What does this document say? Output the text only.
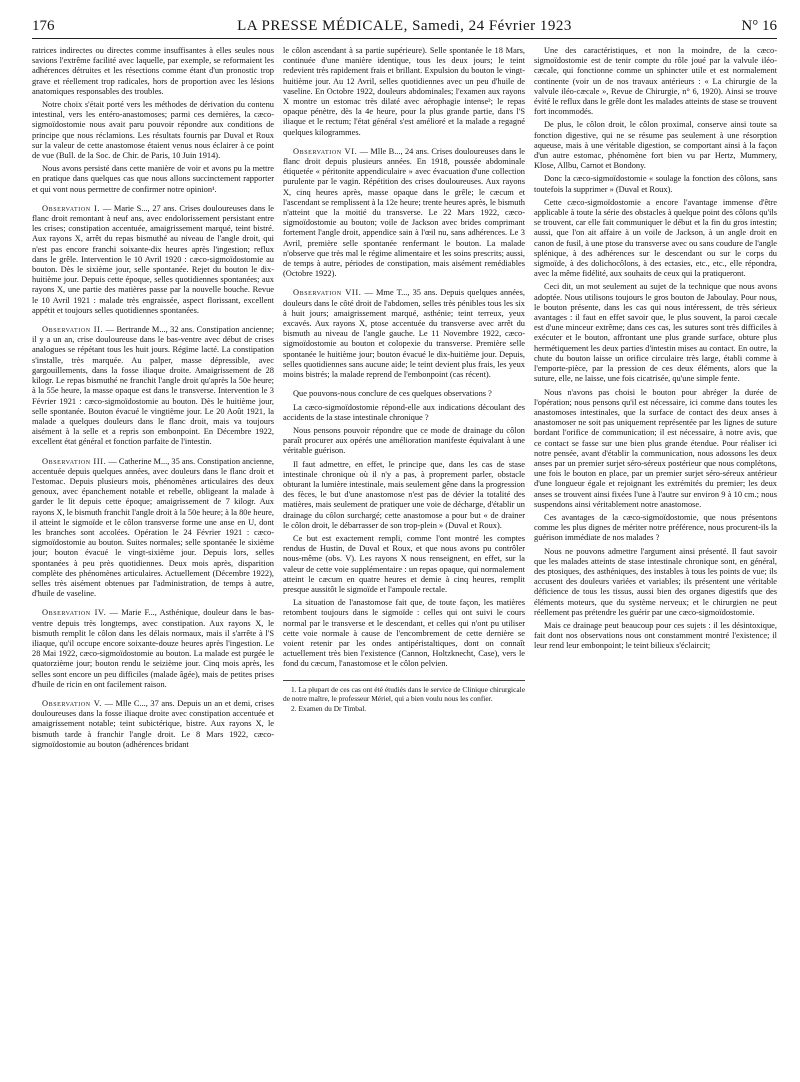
176	LA PRESSE MÉDICALE, Samedi, 24 Février 1923	N° 16

ratrices indirectes ou directes comme insuffisantes à elles seules nous savions l'extrême facilité avec laquelle, par exemple, se reformaient les adhérences détruites et les résections comme étant d'un pronostic trop grave et réellement trop radicales, hors de proportion avec les lésions anatomiques responsables des troubles.

Notre choix s'était porté vers les méthodes de dérivation du contenu intestinal, vers les entéro-anastomoses; parmi ces dernières, la cæco-sigmoïdostomie nous avait paru pouvoir répondre aux conditions de principe que nous réclamions. Les résultats fournis par Duval et Roux sur la valeur de cette anastomose étaient venus nous éclairer à ce point de vue (Bull. de la Soc. de Chir. de Paris, 10 Juin 1914).

Nous avons persisté dans cette manière de voir et avons pu la mettre en pratique dans quelques cas que nous allons succinctement rapporter et qui vont nous permettre de confirmer notre opinion¹.

Observation I. — Marie S..., 27 ans. Crises douloureuses dans le flanc droit remontant à neuf ans, avec endolorissement persistant entre les crises; constipation accentuée, amaigrissement marqué, teint bistré. Aux rayons X, arrêt du repas bismuthé au niveau de l'angle droit, qui n'est pas encore franchi soixante-dix heures après l'ingestion; reflux dans le grêle. Intervention le 10 Avril 1920 : cæco-sigmoïdostomie au bouton. Dès le sixième jour, selle spontanée. Rejet du bouton le dix-huitième jour. Depuis cette époque, selles quotidiennes spontanées; aux rayons X, une partie des matières passe par la nouvelle bouche. Revue le 10 Avril 1921 : malade très engraissée, aspect florissant, excellent appétit et toujours selles quotidiennes spontanées.

Observation II. — Bertrande M..., 32 ans. Constipation ancienne; il y a un an, crise douloureuse dans le bas-ventre avec début de crises analogues se répétant tous les huit jours. Régime lacté. La constipation s'installe, très marquée. Au palper, masse dépressible, avec gargouillements, dans la fosse iliaque droite. Amaigrissement de 28 kilogr. Le repas bismuthé ne franchit l'angle droit qu'après la 50e heure; à la 55e heure, la masse opaque est dans le transverse. Intervention le 3 Février 1921 : cæco-sigmoïdostomie au bouton. Dès le huitième jour, selle spontanée. Bouton évacué le vingtième jour. Le 20 Août 1921, la malade a quelques douleurs dans le flanc droit, mais va toujours aisément à la selle et a repris son embonpoint. En Décembre 1922, excellent état général et fonction parfaite de l'intestin.

Observation III. — Catherine M..., 35 ans. Constipation ancienne, accentuée depuis quelques années, avec douleurs dans le flanc droit et l'estomac. Depuis plusieurs mois, phénomènes articulaires des deux genoux, avec épanchement notable et rebelle, obligeant la malade à garder le lit depuis cette époque; amaigrissement de 7 kilogr. Aux rayons X, le bismuth franchit l'angle droit à la 50e heure; à la 80e heure, il atteint le sigmoïde et le côlon transverse forme une anse en U, dont les branches sont accolées. Opération le 24 Février 1921 : cæco-sigmoïdostomie au bouton. Suites normales; selle spontanée le sixième jour; bouton évacué le vingt-sixième jour. Depuis lors, selles spontanées à peu près quotidiennes. Deux mois après, disparition complète des phénomènes articulaires. Actuellement (Décembre 1922), selles très aisément obtenues par l'administration, de temps à autre, d'huile de vaseline.

Observation IV. — Marie F..., Asthénique, douleur dans le bas-ventre depuis très longtemps, avec constipation. Aux rayons X, le bismuth remplit le côlon dans les délais normaux, mais il s'arrête à l'S iliaque, qu'il occupe encore soixante-douze heures après l'ingestion. Le 28 Mai 1922, cæco-sigmoïdostomie au bouton. La malade est purgée le quatorzième jour; bouton rendu le seizième jour. Cinq mois après, les selles sont encore un peu difficiles (malade âgée), mais de petites prises d'huile de ricin en ont facilement raison.

Observation V. — Mlle C..., 37 ans. Depuis un an et demi, crises douloureuses dans la fosse iliaque droite avec constipation accentuée et amaigrissement notable; teint subictérique, bistre. Aux rayons X, le bismuth tarde à franchir l'angle droit. Le 8 Mars 1922, cæco-sigmoïdostomie au bouton (adhérences bridant

le côlon ascendant à sa partie supérieure). Selle spontanée le 18 Mars, continuée d'une manière identique, tous les deux jours; le teint redevient très rapidement frais et brillant. Expulsion du bouton le vingt-huitième jour. Au 12 Avril, selles quotidiennes avec un peu d'huile de vaseline. En Octobre 1922, douleurs abdominales; l'examen aux rayons X montre un estomac très dilaté avec aérophagie intense²; le repas opaque pénètre, dès la 4e heure, pour la plus grande partie, dans l'S iliaque et le rectum; l'état général s'est amélioré et la malade a regagné quelques kilogrammes.

Observation VI. — Mlle B..., 24 ans. Crises douloureuses dans le flanc droit depuis plusieurs années. En 1918, poussée abdominale étiquetée « péritonite appendiculaire » avec évacuation d'une collection purulente par le vagin. Répétition des crises douloureuses. Aux rayons X, cinq heures après, masse opaque dans le grêle; le cæcum et l'ascendant se remplissent à la 12e heure; trente heures après, le bismuth n'atteint que la moitié du transverse. Le 22 Mars 1922, cæco-sigmoïdostomie au bouton; voile de Jackson avec brides comprimant fortement l'angle droit, appendice sain à l'œil nu, sans adhérences. Le 3 Avril, première selle spontanée renfermant le bouton. La malade n'observe que très mal le régime alimentaire et les soins prescrits; aussi, de temps à autre, périodes de constipation, mais aisément remédiables (Octobre 1922).

Observation VII. — Mme T..., 35 ans. Depuis quelques années, douleurs dans le côté droit de l'abdomen, selles très pénibles tous les six à huit jours; amaigrissement marqué, asthénie; teint terreux, yeux excavés. Aux rayons X, ptose accentuée du transverse avec arrêt du bismuth au niveau de l'angle gauche. Le 11 Novembre 1922, cæco-sigmoïdostomie au bouton et colopexie du transverse. Première selle spontanée le huitième jour; bouton évacué le dix-huitième jour. Depuis, selles quotidiennes sans aucune aide; le teint devient plus frais, les yeux moins bistrés; la malade reprend de l'embonpoint (cas récent).

Que pouvons-nous conclure de ces quelques observations ?

La cæco-sigmoïdostomie répond-elle aux indications découlant des accidents de la stase intestinale chronique ?

Nous pensons pouvoir répondre que ce mode de drainage du côlon paraît procurer aux opérés une amélioration manifeste équivalant à une véritable guérison.

Il faut admettre, en effet, le principe que, dans les cas de stase intestinale chronique où il n'y a pas, à proprement parler, obstacle obturant la lumière intestinale, mais seulement gêne dans la progression des fèces, le but d'une anastomose n'est pas de dévier la totalité des matières, mais seulement de pratiquer une voie de décharge, d'établir un drainage du côlon surchargé; cette anastomose a pour but « de drainer le côlon droit, le débarrasser de son trop-plein » (Duval et Roux).

Ce but est exactement rempli, comme l'ont montré les comptes rendus de Hustin, de Duval et Roux, et que nous avons pu contrôler nous-même (obs. V). Les rayons X nous renseignent, en effet, sur la valeur de cette voie supplémentaire : un repas opaque, qui normalement atteint le cæcum en quatre heures et demie à cinq heures, remplit presque aussitôt le sigmoïde et l'ampoule rectale.

La situation de l'anastomose fait que, de toute façon, les matières retombent toujours dans le sigmoïde : celles qui ont suivi le cours normal par le transverse et le descendant, et celles qui n'ont pu utiliser cette voie normale à cause de l'encombrement de cette dernière se voient retenir par les ondes antipéristaltiques, dont on connaît actuellement très bien l'existence (Cannon, Holtzknecht, Case), vers le fond du cæcum, l'anastomose et le côlon pelvien.

1. La plupart de ces cas ont été étudiés dans le service de Clinique chirurgicale de notre maître, le professeur Mériel, qui a bien voulu nous les confier.

2. Examen du Dr Timbal.

Une des caractéristiques, et non la moindre, de la cæco-sigmoïdostomie est de tenir compte du rôle joué par la valvule iléo-cæcale, qui fonctionne comme un sphincter utile et est normalement continente (voir un de nos travaux antérieurs : « La chirurgie de la valvule iléo-cæcale », Revue de Chirurgie, n° 6, 1920). Ainsi se trouve évité le reflux dans le grêle dont les malades atteints de stase se trouvent fort incommodés.

De plus, le côlon droit, le côlon proximal, conserve ainsi toute sa fonction digestive, qui ne se résume pas seulement à une résorption aqueuse, mais à une véritable digestion, se comportant ainsi à la façon d'un autre estomac, phénomène fort bien vu par Hertz, Mummery, Klose, Allbu, Carnot et Bondony.

Donc la cæco-sigmoïdostomie « soulage la fonction des côlons, sans toutefois la supprimer » (Duval et Roux).

Cette cæco-sigmoïdostomie a encore l'avantage immense d'être applicable à toute la série des obstacles à quelque point des côlons qu'ils se trouvent, car elle fait communiquer le début et la fin du gros intestin; aussi, que l'on ait affaire à un voile de Jackson, à un angle droit en canon de fusil, à une ptose du transverse avec ou sans coudure de l'angle splénique, à des adhérences sur le descendant ou sur le corps du sigmoïde, à des dolichocôlons, à des ectasies, etc., etc., elle répondra, avec la même fidélité, aux souhaits de ceux qui la pratiqueront.

Ceci dit, un mot seulement au sujet de la technique que nous avons adoptée. Nous utilisons toujours le gros bouton de Jaboulay. Pour nous, le bouton présente, dans les cas qui nous intéressent, de très sérieux avantages : il faut en effet savoir que, le plus souvent, la paroi cæcale est d'une minceur extrême; dans ces cas, les sutures sont très difficiles à exécuter et le bouton, affrontant une plus grande surface, obture plus hermétiquement les deux parties d'intestin mises au contact. En outre, la chute du bouton laisse un orifice circulaire très large, établi comme à l'emporte-pièce, par la pression de ces deux éléments, alors que la suture, elle, ne laisse, une fois cicatrisée, qu'une simple fente.

Nous n'avons pas choisi le bouton pour abréger la durée de l'opération; nous pensons qu'il est nécessaire, ici comme dans toutes les anastomoses intestinales, que la surface de contact des deux anses à anastomoser ne soit pas uniquement représentée par les lignes de suture bordant l'orifice de communication; il est nécessaire, à notre avis, que ce contact se fasse sur une bien plus grande étendue. Pour réaliser ici notre pensée, avant d'établir la communication, nous adossons les deux anses par un premier surjet séro-séreux postérieur que nous complétons, une fois le bouton en place, par un premier surjet séro-séreux antérieur d'une longueur égale et rejoignant les extrémités du premier; les deux anses se trouvent ainsi fixées l'une à l'autre sur environ 9 à 10 cm.; nous suspendons ainsi véritablement notre anastomose.

Ces avantages de la cæco-sigmoïdostomie, que nous présentons comme les plus dignes de mériter notre préférence, nous procurent-ils la guérison immédiate de nos malades ?

Nous ne pouvons admettre l'argument ainsi présenté. Il faut savoir que les malades atteints de stase intestinale chronique sont, en général, des ptosiques, des asthéniques, des instables à tous les points de vue; ils accusent des douleurs variées et variables; ils présentent une véritable déficience de tous les tissus, aussi bien des organes digestifs que des éléments moteurs, que du système nerveux; et le chirurgien ne peut réellement pas prétendre les guérir par une cæco-sigmoïdostomie.

Mais ce drainage peut beaucoup pour ces sujets : il les désintoxique, fait dont nos observations nous ont constamment montré l'existence; il leur rend leur embonpoint; le teint bilieux s'éclaircit;
